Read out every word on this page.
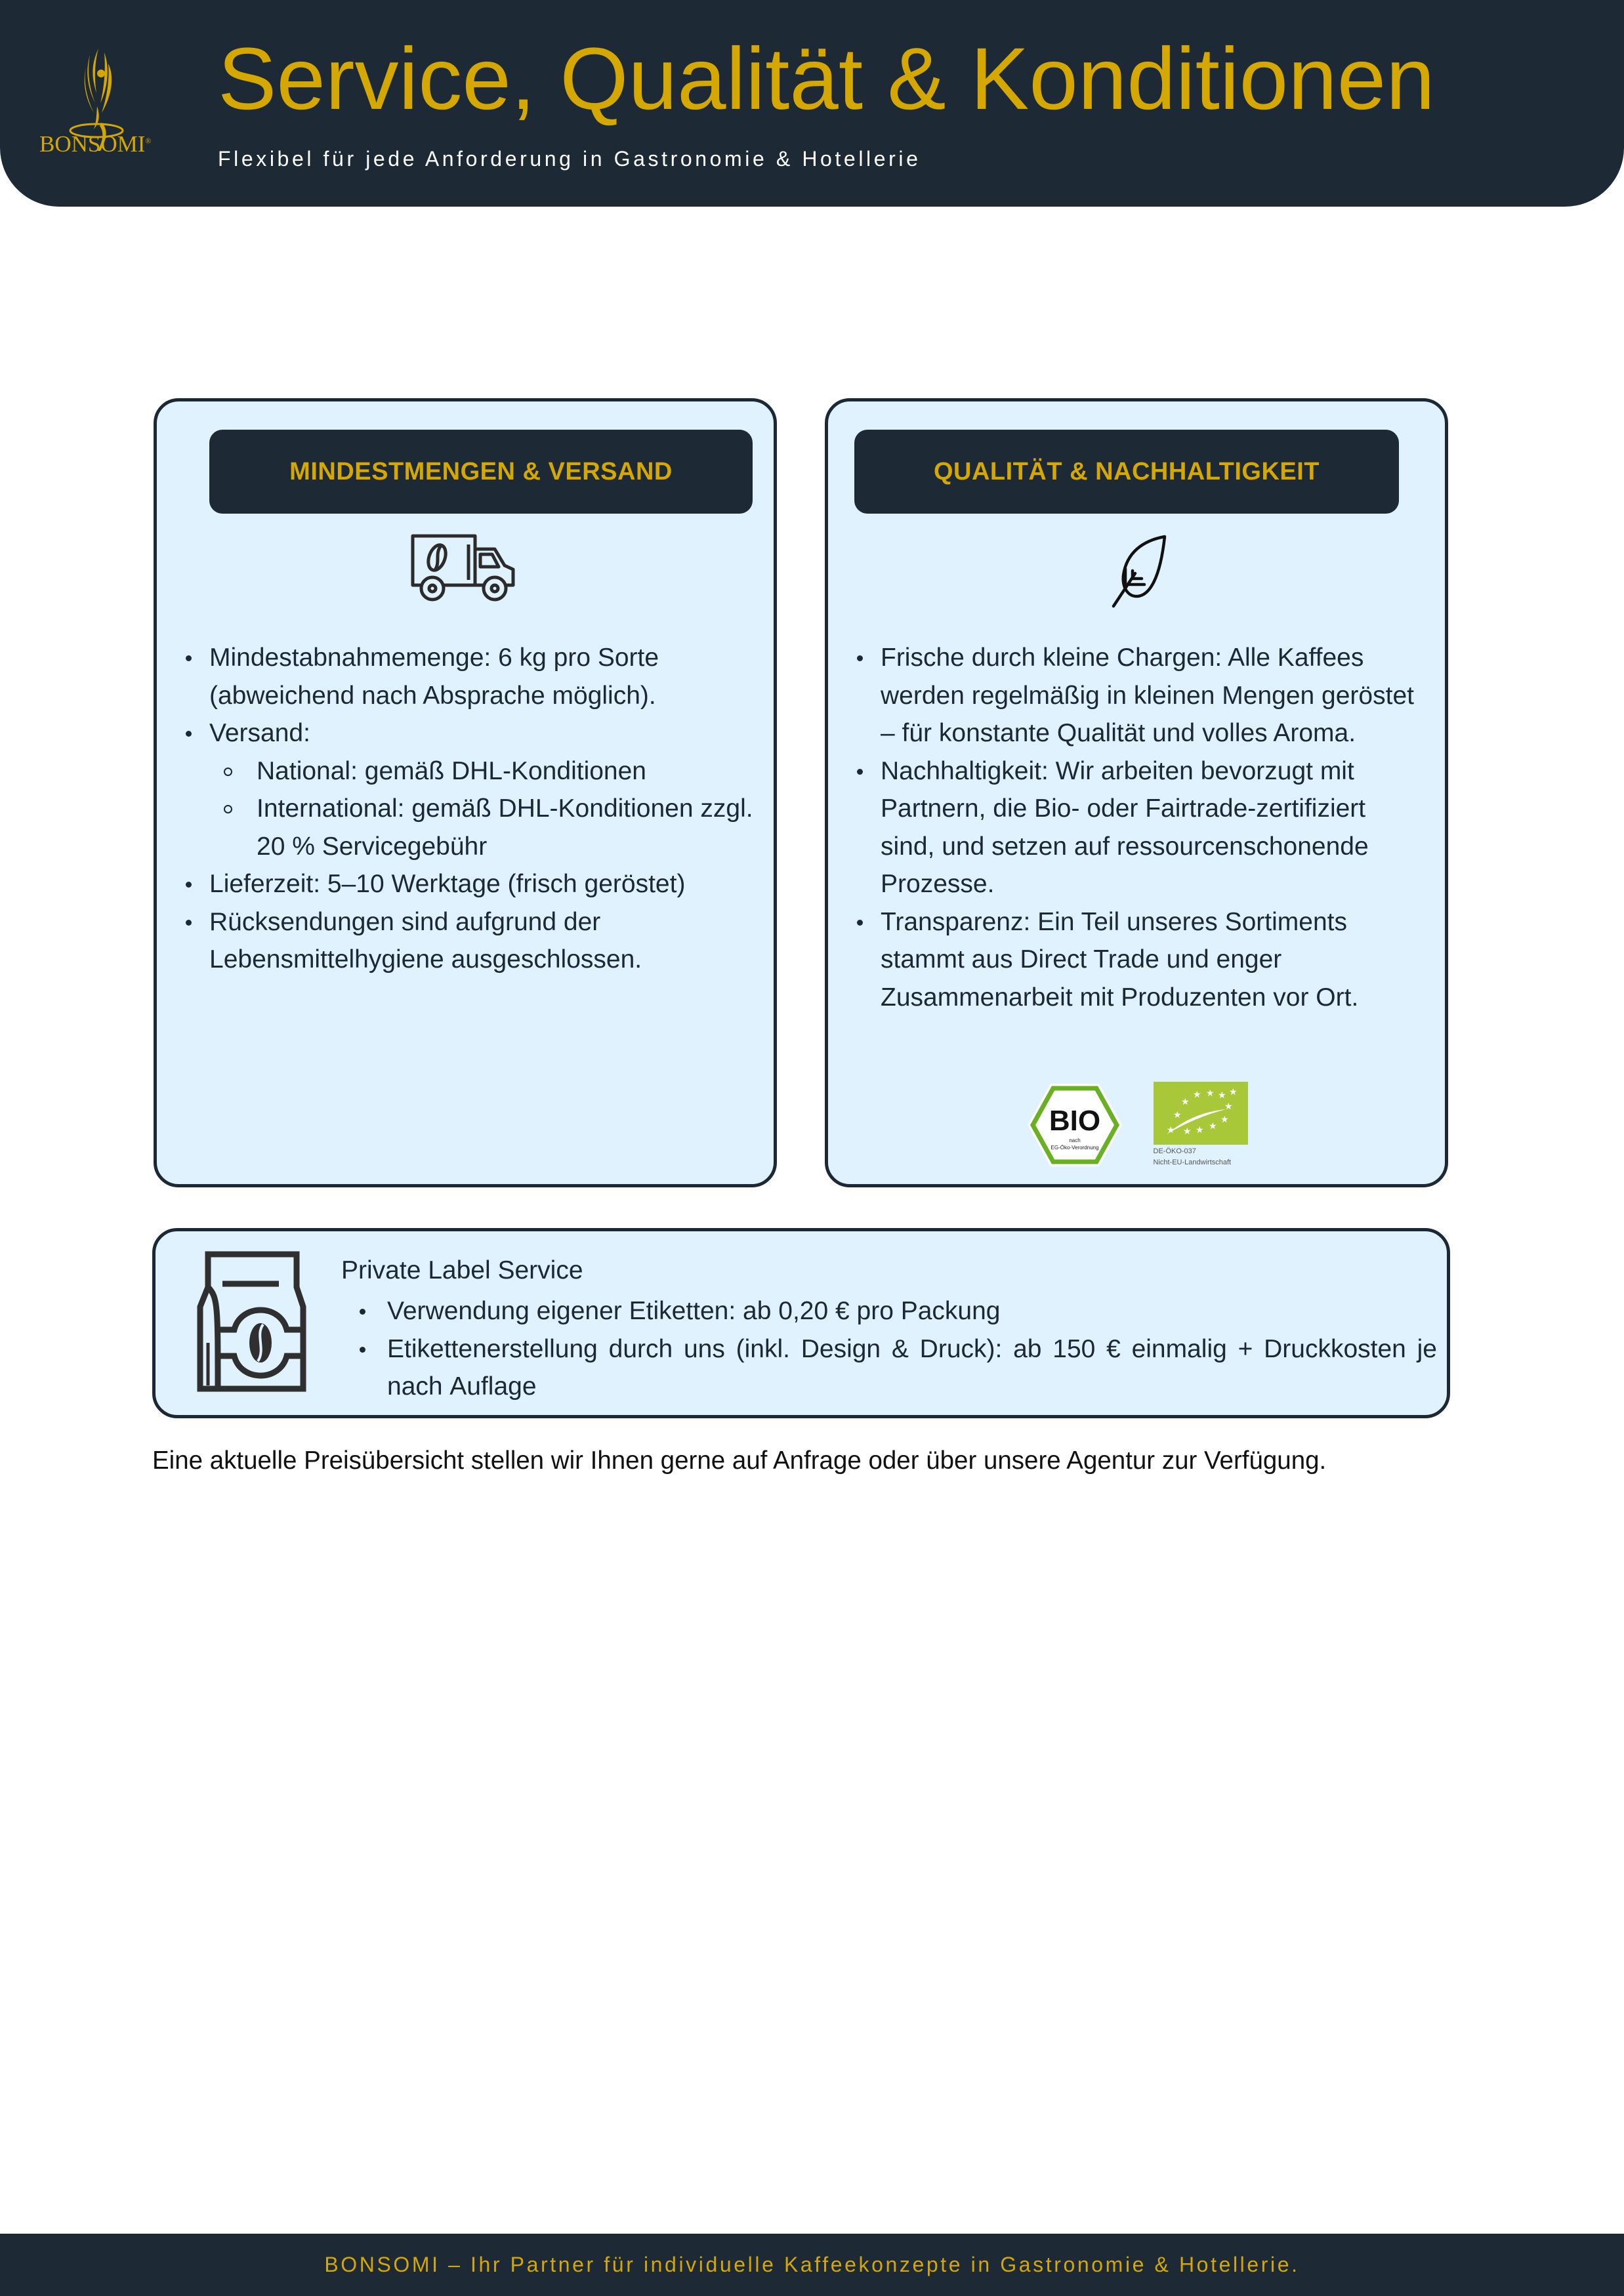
BONSOMI®
Service, Qualität & Konditionen
Flexibel für jede Anforderung in Gastronomie & Hotellerie
MINDESTMENGEN & VERSAND
Mindestabnahmemenge: 6 kg pro Sorte (abweichend nach Absprache möglich).
Versand:
National: gemäß DHL-Konditionen
International: gemäß DHL-Konditionen zzgl. 20 % Servicegebühr
Lieferzeit: 5–10 Werktage (frisch geröstet)
Rücksendungen sind aufgrund der Lebensmittelhygiene ausgeschlossen.
QUALITÄT & NACHHALTIGKEIT
Frische durch kleine Chargen: Alle Kaffees werden regelmäßig in kleinen Mengen geröstet – für konstante Qualität und volles Aroma.
Nachhaltigkeit: Wir arbeiten bevorzugt mit Partnern, die Bio- oder Fairtrade-zertifiziert sind, und setzen auf ressourcenschonende Prozesse.
Transparenz: Ein Teil unseres Sortiments stammt aus Direct Trade und enger Zusammenarbeit mit Produzenten vor Ort.
BIO
nach
EG-Öko-Verordnung
★
★
★
★ ★ ★ ★
★
★
★
★
★
DE-ÖKO-037
Nicht-EU-Landwirtschaft
Private Label Service
Verwendung eigener Etiketten: ab 0,20 € pro Packung
Etikettenerstellung durch uns (inkl. Design & Druck): ab 150 € einmalig + Druckkosten je nach Auflage
Eine aktuelle Preisübersicht stellen wir Ihnen gerne auf Anfrage oder über unsere Agentur zur Verfügung.
BONSOMI – Ihr Partner für individuelle Kaffeekonzepte in Gastronomie & Hotellerie.
